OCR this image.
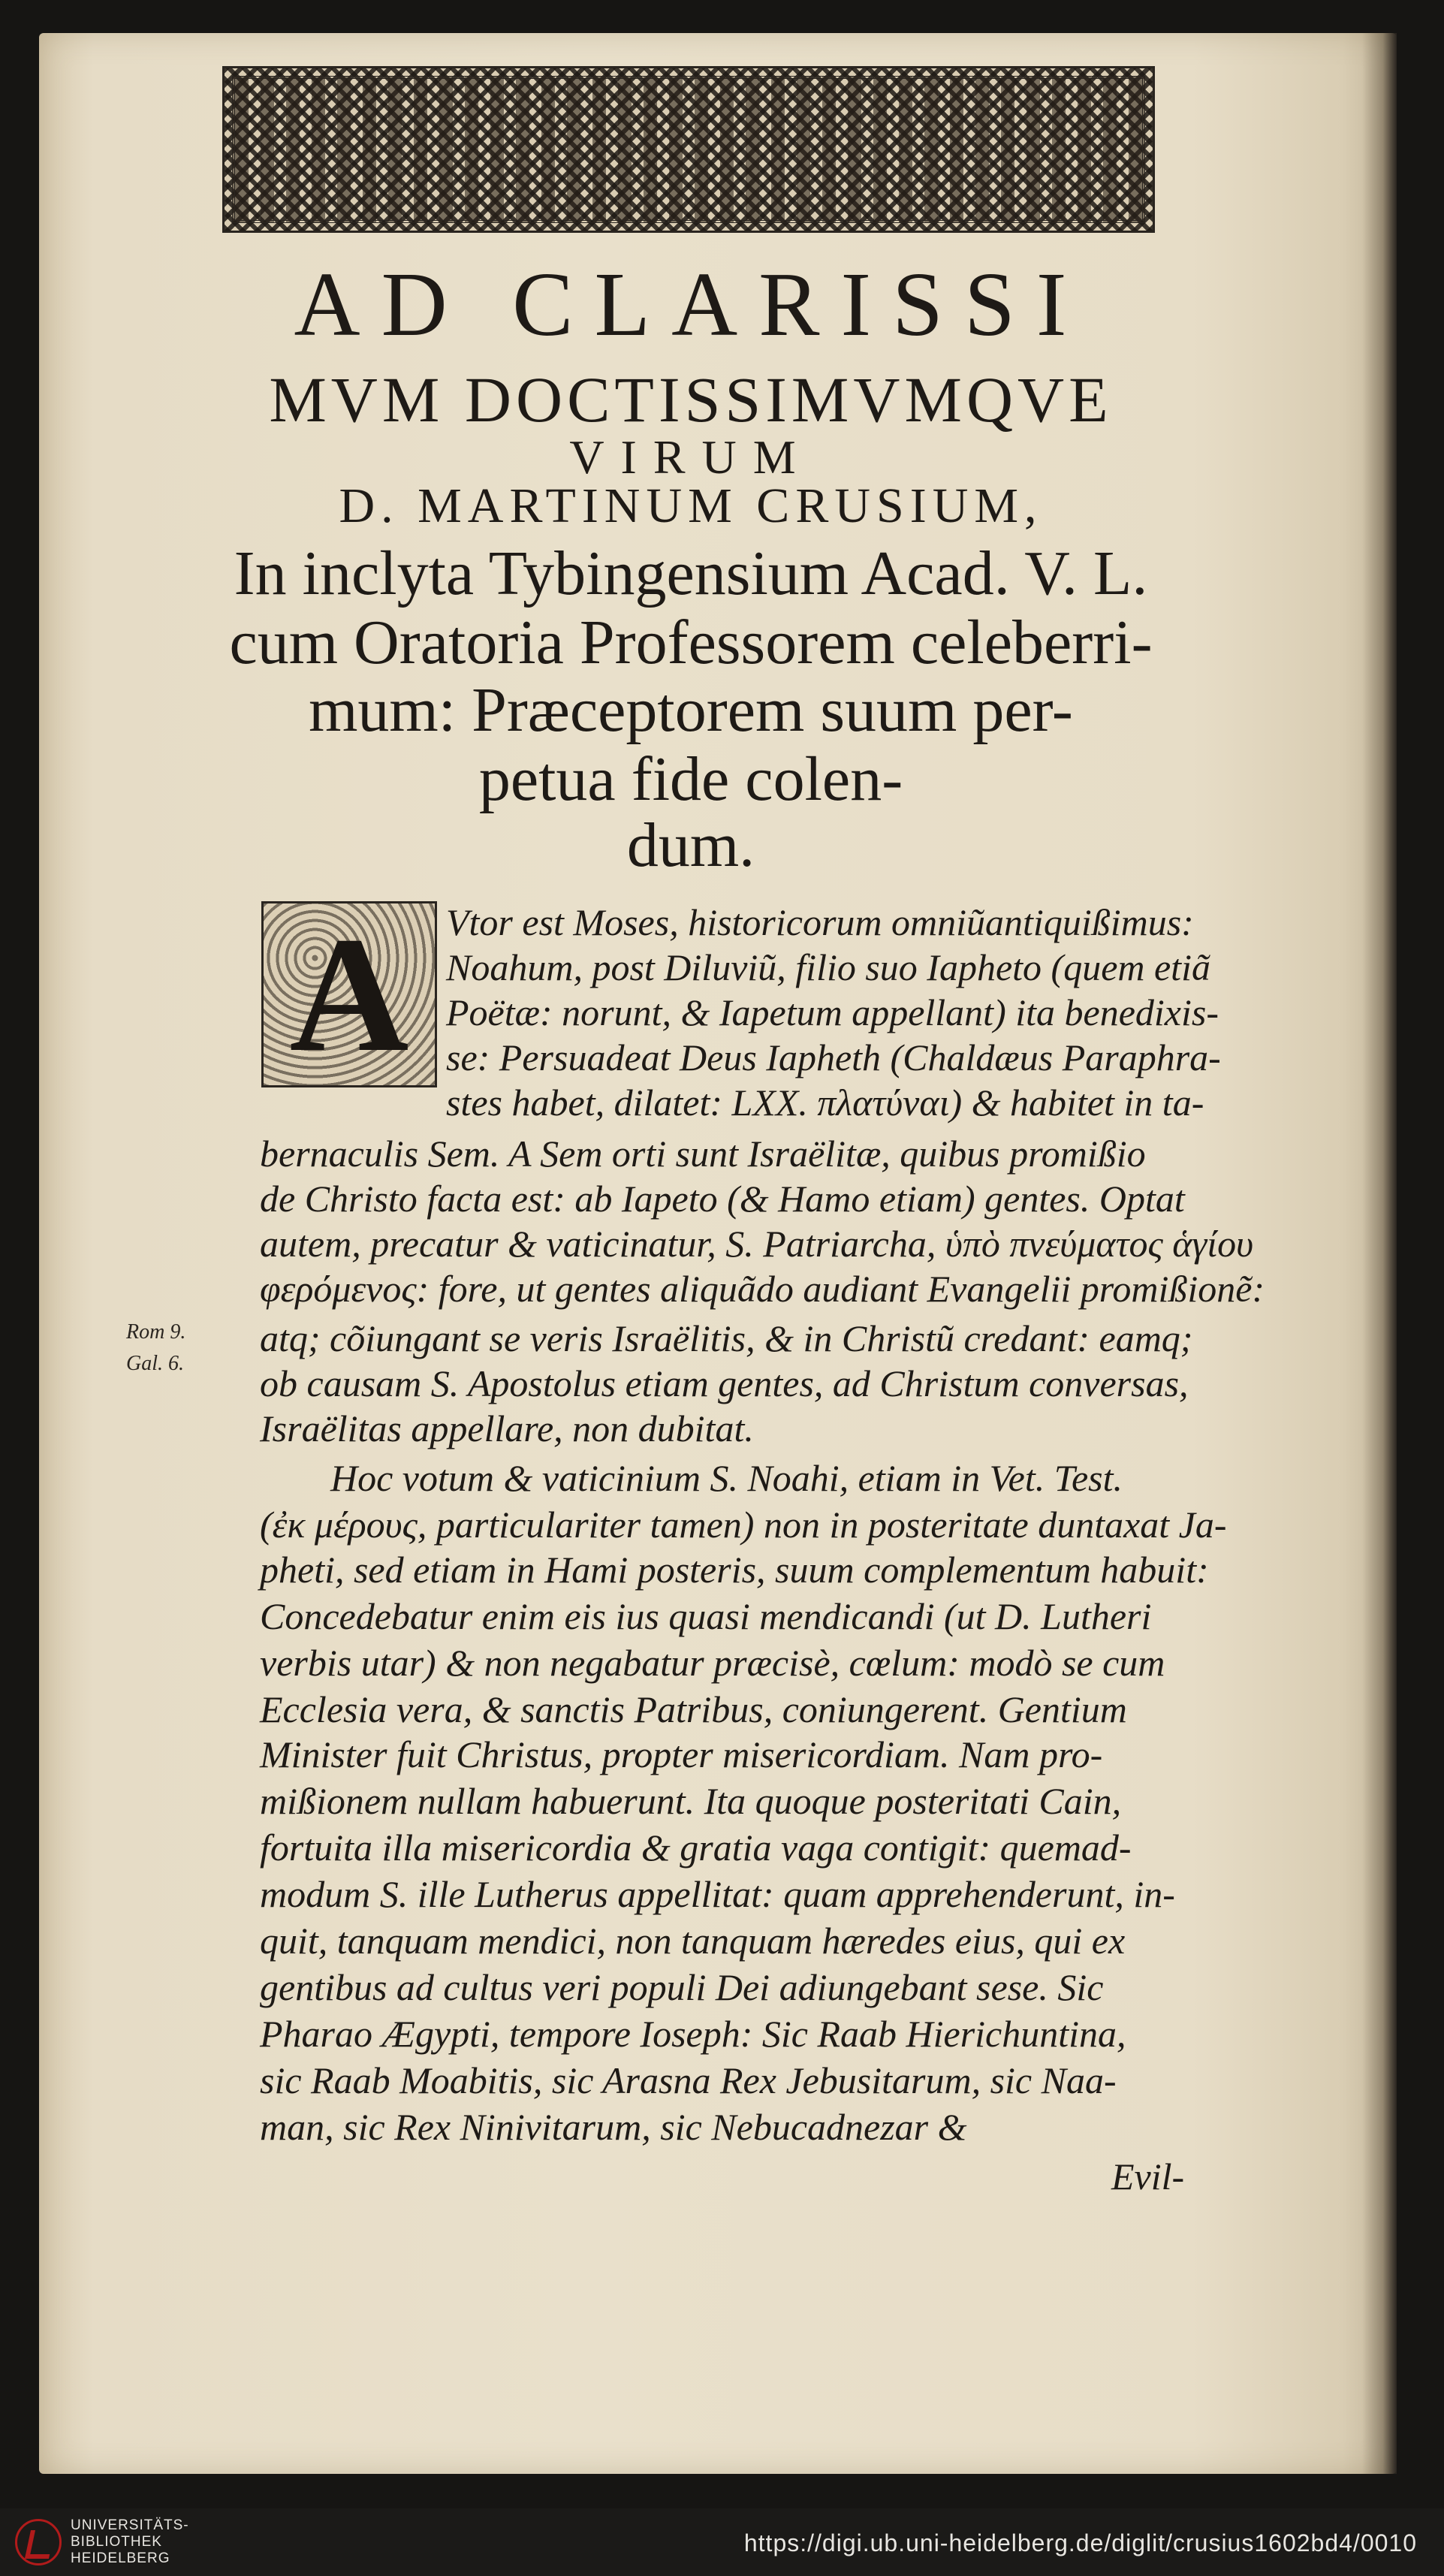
AD CLARISSI
MVM DOCTISSIMVMQVE
VIRUM
D. MARTINUM CRUSIUM,
In inclyta Tybingensium Acad. V. L.
cum Oratoria Professorem celeberri-
mum: Præceptorem suum per-
petua fide colen-
dum.
A Vtor est Moses, historicorum omniũantiquißimus:
Noahum, post Diluviũ, filio suo Iapheto (quem etiã
Poëtæ: norunt, & Iapetum appellant) ita benedixis-
se: Persuadeat Deus Iapheth (Chaldæus Paraphra-
stes habet, dilatet: LXX. πλατύναι) & habitet in ta-
bernaculis Sem. A Sem orti sunt Israëlitæ, quibus promißio
de Christo facta est: ab Iapeto (& Hamo etiam) gentes. Optat
autem, precatur & vaticinatur, S. Patriarcha, ὑπὸ πνεύματος ἁγίου
φερόμενος: fore, ut gentes aliquãdo audiant Evangelii promißionẽ:
atq; cõiungant se veris Israëlitis, & in Christũ credant: eamq;
ob causam S. Apostolus etiam gentes, ad Christum conversas,
Israëlitas appellare, non dubitat.
Hoc votum & vaticinium S. Noahi, etiam in Vet. Test.
(ἐκ μέρους, particulariter tamen) non in posteritate duntaxat Ja-
pheti, sed etiam in Hami posteris, suum complementum habuit:
Concedebatur enim eis ius quasi mendicandi (ut D. Lutheri
verbis utar) & non negabatur præcisè, cœlum: modò se cum
Ecclesia vera, & sanctis Patribus, coniungerent. Gentium
Minister fuit Christus, propter misericordiam. Nam pro-
mißionem nullam habuerunt. Ita quoque posteritati Cain,
fortuita illa misericordia & gratia vaga contigit: quemad-
modum S. ille Lutherus appellitat: quam apprehenderunt, in-
quit, tanquam mendici, non tanquam hæredes eius, qui ex
gentibus ad cultus veri populi Dei adiungebant sese. Sic
Pharao Ægypti, tempore Ioseph: Sic Raab Hierichuntina,
sic Raab Moabitis, sic Arasna Rex Jebusitarum, sic Naa-
man, sic Rex Ninivitarum, sic Nebucadnezar &
Evil-
Rom 9.
Gal. 6.
UNIVERSITÄTS-
BIBLIOTHEK
HEIDELBERG
https://digi.ub.uni-heidelberg.de/diglit/crusius1602bd4/0010
